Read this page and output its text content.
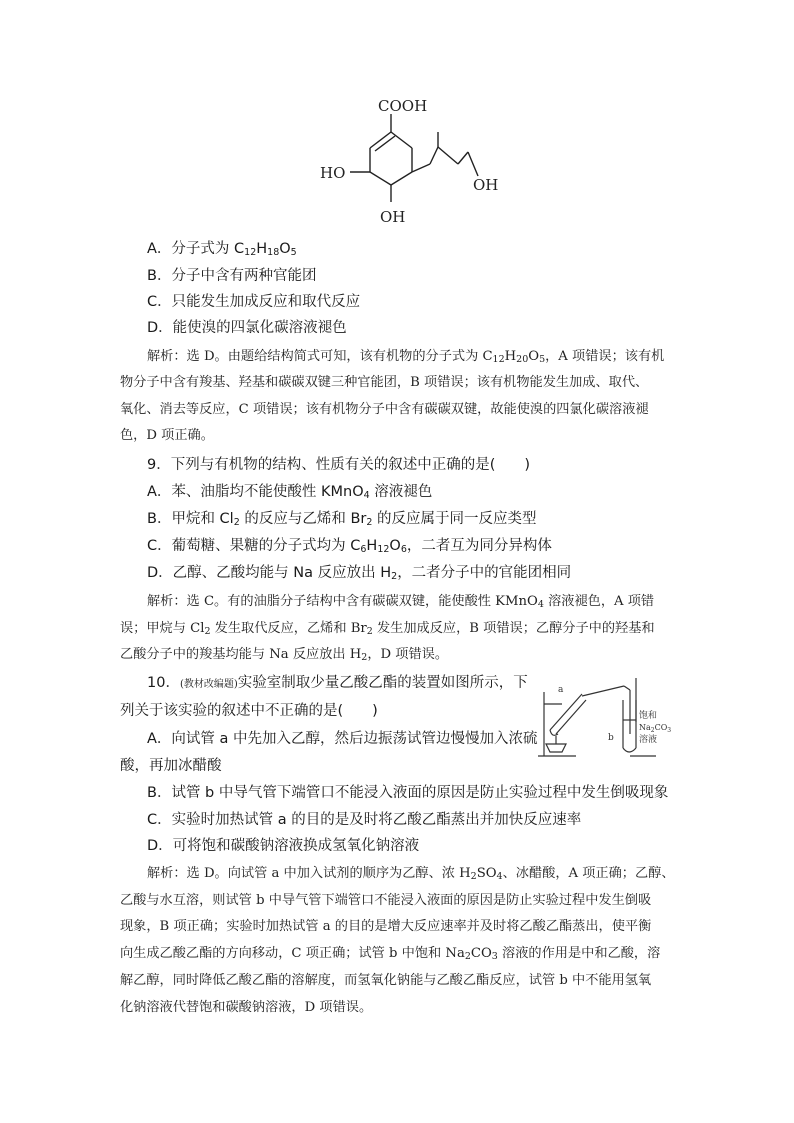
COOH
HO
OH
OH
A．分子式为 $C_{12}H_{18}O_5$
B．分子中含有两种官能团
C．只能发生加成反应和取代反应
D．能使溴的四氯化碳溶液褪色
解析：选 D。由题给结构简式可知，该有机物的分子式为 $C_{12}H_{20}O_5$，A 项错误；该有机
物分子中含有羧基、羟基和碳碳双键三种官能团，B 项错误；该有机物能发生加成、取代、
氧化、消去等反应，C 项错误；该有机物分子中含有碳碳双键，故能使溴的四氯化碳溶液褪
色，D 项正确。
9．下列与有机物的结构、性质有关的叙述中正确的是(　　)
A．苯、油脂均不能使酸性 KMnO$_4$ 溶液褪色
B．甲烷和 $Cl_2$ 的反应与乙烯和 $Br_2$ 的反应属于同一反应类型
C．葡萄糖、果糖的分子式均为 $C_6H_{12}O_6$，二者互为同分异构体
D．乙醇、乙酸均能与 Na 反应放出 $H_2$，二者分子中的官能团相同
解析：选 C。有的油脂分子结构中含有碳碳双键，能使酸性 KMnO$_4$ 溶液褪色，A 项错
误；甲烷与 $Cl_2$ 发生取代反应，乙烯和 $Br_2$ 发生加成反应，B 项错误；乙醇分子中的羟基和
乙酸分子中的羧基均能与 Na 反应放出 $H_2$，D 项错误。
10．(教材改编题)实验室制取少量乙酸乙酯的装置如图所示，下
列关于该实验的叙述中不正确的是(　　)
A．向试管 a 中先加入乙醇，然后边振荡试管边慢慢加入浓硫
酸，再加冰醋酸
B．试管 b 中导气管下端管口不能浸入液面的原因是防止实验过程中发生倒吸现象
C．实验时加热试管 a 的目的是及时将乙酸乙酯蒸出并加快反应速率
D．可将饱和碳酸钠溶液换成氢氧化钠溶液
a
b
饱和
$Na_2CO_3$
溶液
解析：选 D。向试管 a 中加入试剂的顺序为乙醇、浓 $H_2SO_4$、冰醋酸，A 项正确；乙醇、
乙酸与水互溶，则试管 b 中导气管下端管口不能浸入液面的原因是防止实验过程中发生倒吸
现象，B 项正确；实验时加热试管 a 的目的是增大反应速率并及时将乙酸乙酯蒸出，使平衡
向生成乙酸乙酯的方向移动，C 项正确；试管 b 中饱和 $Na_2CO_3$ 溶液的作用是中和乙酸，溶
解乙醇，同时降低乙酸乙酯的溶解度，而氢氧化钠能与乙酸乙酯反应，试管 b 中不能用氢氧
化钠溶液代替饱和碳酸钠溶液，D 项错误。
